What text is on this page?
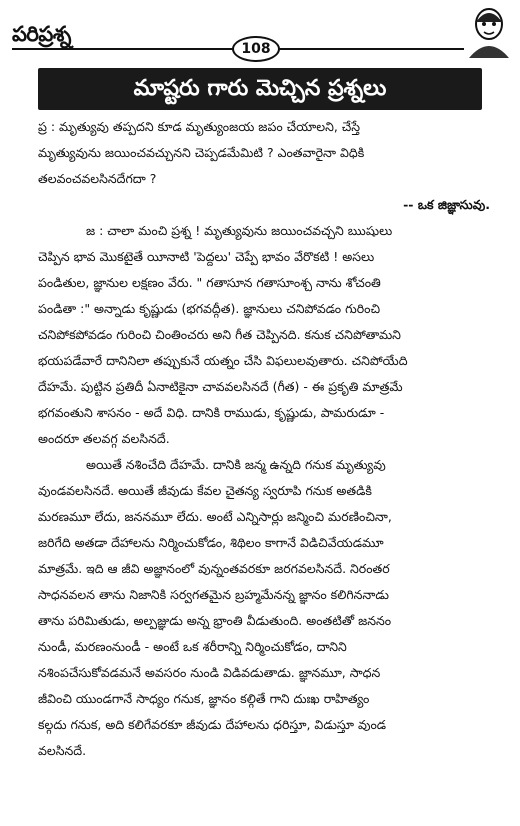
పరిప్రశ్న
108
మాష్టరు గారు మెచ్చిన ప్రశ్నలు
ప్ర : మృత్యువు తప్పదని కూడ మృత్యుంజయ జపం చేయాలని, చేస్తే
మృత్యువును జయించవచ్చునని చెప్పడమేమిటి ? ఎంతవారైనా విధికి
తలవంచవలసినదేగదా ?
-- ఒక జిజ్ఞాసువు.
జ : చాలా మంచి ప్రశ్న ! మృత్యువును జయించవచ్చని ఋషులు
చెప్పిన భావ మొకటైతే యీనాటి 'పెద్దలు' చెప్పే భావం వేరొకటి ! అసలు
పండితుల, జ్ఞానుల లక్షణం వేరు. " గతాసూన గతాసూంశ్చ నాను శోచంతి
పండితా :" అన్నాడు కృష్ణుడు (భగవద్గీత). జ్ఞానులు చనిపోవడం గురించి
చనిపోకపోవడం గురించి చింతించరు అని గీత చెప్పినది. కనుక చనిపోతామని
భయపడేవారే దానినిలా తప్పుకునే యత్నం చేసి విఫలులవుతారు. చనిపోయేది
దేహమే. పుట్టిన ప్రతిదీ ఏనాటికైనా చావవలసినదే (గీత) - ఈ ప్రకృతి మాత్రమే
భగవంతుని శాసనం - అదే విధి. దానికి రాముడు, కృష్ణుడు, పామరుడూ -
అందరూ తలవగ్గ వలసినదే.
అయితే నశించేది దేహమే. దానికి జన్మ ఉన్నది గనుక మృత్యువు
వుండవలసినదే. అయితే జీవుడు కేవల చైతన్య స్వరూపి గనుక అతడికి
మరణమూ లేదు, జననమూ లేదు. అంటే ఎన్నిసార్లు జన్మించి మరణించినా,
జరిగేది అతడా దేహాలను నిర్మించుకోడం, శిథిలం కాగానే విడిచివేయడమూ
మాత్రమే. ఇది ఆ జీవి అజ్ఞానంలో వున్నంతవరకూ జరగవలసినదే. నిరంతర
సాధనవలన తాను నిజానికి సర్వగతమైన బ్రహ్మమేనన్న జ్ఞానం కలిగిననాడు
తాను పరిమితుడు, అల్పజ్ఞుడు అన్న భ్రాంతి వీడుతుంది. అంతటితో జననం
నుండీ, మరణంనుండీ - అంటే ఒక శరీరాన్ని నిర్మించుకోడం, దానిని
నశింపచేసుకోవడమనే అవసరం నుండి విడివడుతాడు. జ్ఞానమూ, సాధన
జీవించి యుండగానే సాధ్యం గనుక, జ్ఞానం కల్గితే గాని దుఃఖ రాహిత్యం
కల్గదు గనుక, అది కలిగేవరకూ జీవుడు దేహాలను ధరిస్తూ, విడుస్తూ వుండ
వలసినదే.
